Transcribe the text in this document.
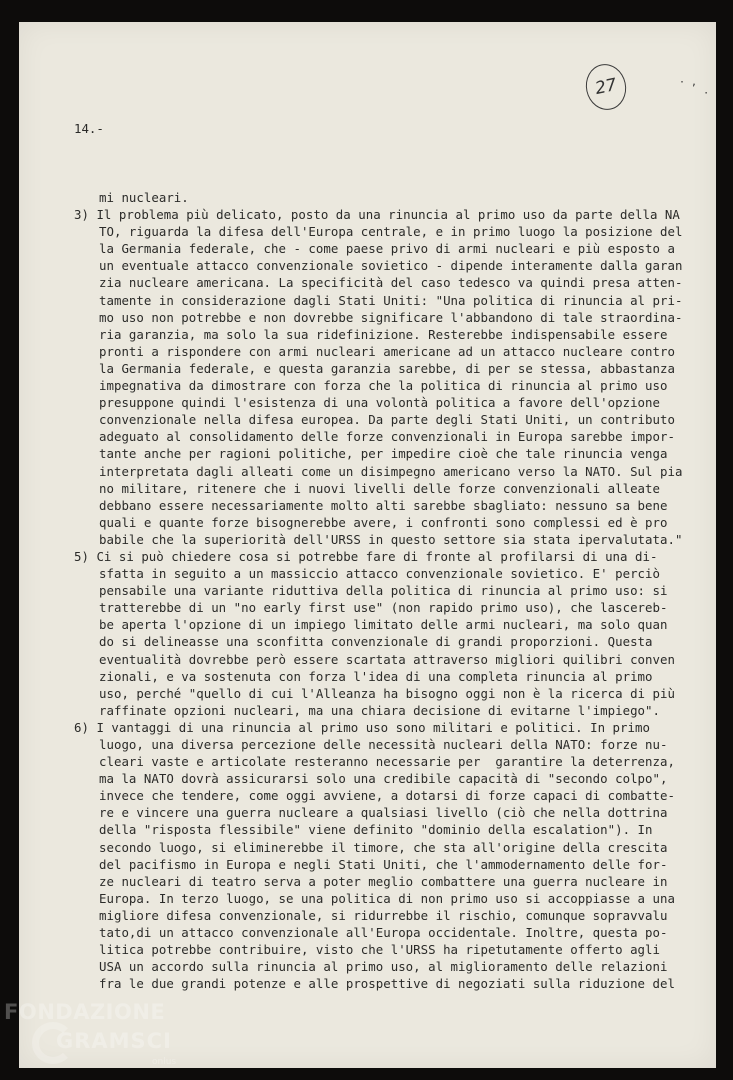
· ,
·
27
14.-
mi nucleari.
3) Il problema più delicato, posto da una rinuncia al primo uso da parte della NA
TO, riguarda la difesa dell'Europa centrale, e in primo luogo la posizione del
la Germania federale, che - come paese privo di armi nucleari e più esposto a
un eventuale attacco convenzionale sovietico - dipende interamente dalla garan
zia nucleare americana. La specificità del caso tedesco va quindi presa atten-
tamente in considerazione dagli Stati Uniti: "Una politica di rinuncia al pri-
mo uso non potrebbe e non dovrebbe significare l'abbandono di tale straordina-
ria garanzia, ma solo la sua ridefinizione. Resterebbe indispensabile essere
pronti a rispondere con armi nucleari americane ad un attacco nucleare contro
la Germania federale, e questa garanzia sarebbe, di per se stessa, abbastanza
impegnativa da dimostrare con forza che la politica di rinuncia al primo uso
presuppone quindi l'esistenza di una volontà politica a favore dell'opzione
convenzionale nella difesa europea. Da parte degli Stati Uniti, un contributo
adeguato al consolidamento delle forze convenzionali in Europa sarebbe impor-
tante anche per ragioni politiche, per impedire cioè che tale rinuncia venga
interpretata dagli alleati come un disimpegno americano verso la NATO. Sul pia
no militare, ritenere che i nuovi livelli delle forze convenzionali alleate
debbano essere necessariamente molto alti sarebbe sbagliato: nessuno sa bene
quali e quante forze bisognerebbe avere, i confronti sono complessi ed è pro
babile che la superiorità dell'URSS in questo settore sia stata ipervalutata."
5) Ci si può chiedere cosa si potrebbe fare di fronte al profilarsi di una di-
sfatta in seguito a un massiccio attacco convenzionale sovietico. E' perciò
pensabile una variante riduttiva della politica di rinuncia al primo uso: si
tratterebbe di un "no early first use" (non rapido primo uso), che lascereb-
be aperta l'opzione di un impiego limitato delle armi nucleari, ma solo quan
do si delineasse una sconfitta convenzionale di grandi proporzioni. Questa
eventualità dovrebbe però essere scartata attraverso migliori quilibri conven
zionali, e va sostenuta con forza l'idea di una completa rinuncia al primo
uso, perché "quello di cui l'Alleanza ha bisogno oggi non è la ricerca di più
raffinate opzioni nucleari, ma una chiara decisione di evitarne l'impiego".
6) I vantaggi di una rinuncia al primo uso sono militari e politici. In primo
luogo, una diversa percezione delle necessità nucleari della NATO: forze nu-
cleari vaste e articolate resteranno necessarie per  garantire la deterrenza,
ma la NATO dovrà assicurarsi solo una credibile capacità di "secondo colpo",
invece che tendere, come oggi avviene, a dotarsi di forze capaci di combatte-
re e vincere una guerra nucleare a qualsiasi livello (ciò che nella dottrina
della "risposta flessibile" viene definito "dominio della escalation"). In
secondo luogo, si eliminerebbe il timore, che sta all'origine della crescita
del pacifismo in Europa e negli Stati Uniti, che l'ammodernamento delle for-
ze nucleari di teatro serva a poter meglio combattere una guerra nucleare in
Europa. In terzo luogo, se una politica di non primo uso si accoppiasse a una
migliore difesa convenzionale, si ridurrebbe il rischio, comunque sopravvalu
tato,di un attacco convenzionale all'Europa occidentale. Inoltre, questa po-
litica potrebbe contribuire, visto che l'URSS ha ripetutamente offerto agli
USA un accordo sulla rinuncia al primo uso, al miglioramento delle relazioni
fra le due grandi potenze e alle prospettive di negoziati sulla riduzione del
FONDAZIONE
GRAMSCI
onlus
